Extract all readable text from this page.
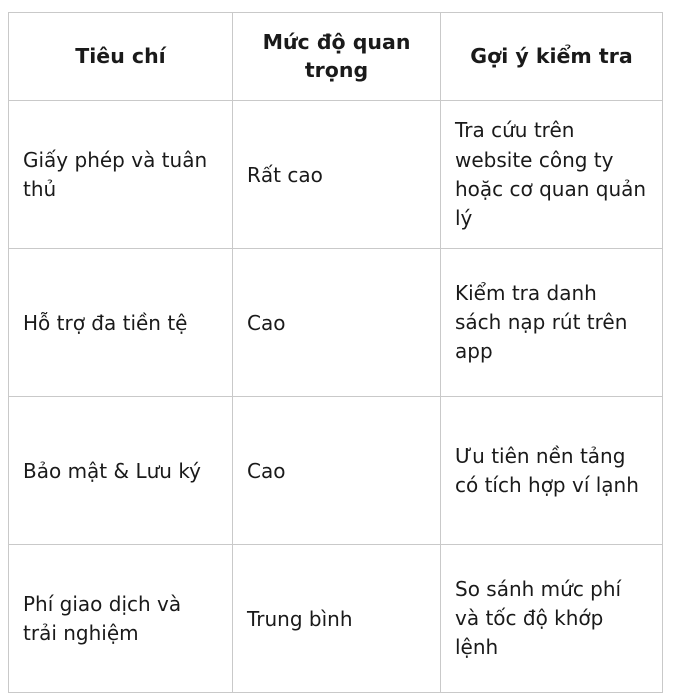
Tiêu chí	Mức độ quan trọng	Gợi ý kiểm tra
Giấy phép và tuân thủ	Rất cao	Tra cứu trên website công ty hoặc cơ quan quản lý
Hỗ trợ đa tiền tệ	Cao	Kiểm tra danh sách nạp rút trên app
Bảo mật & Lưu ký	Cao	Ưu tiên nền tảng có tích hợp ví lạnh
Phí giao dịch và trải nghiệm	Trung bình	So sánh mức phí và tốc độ khớp lệnh
